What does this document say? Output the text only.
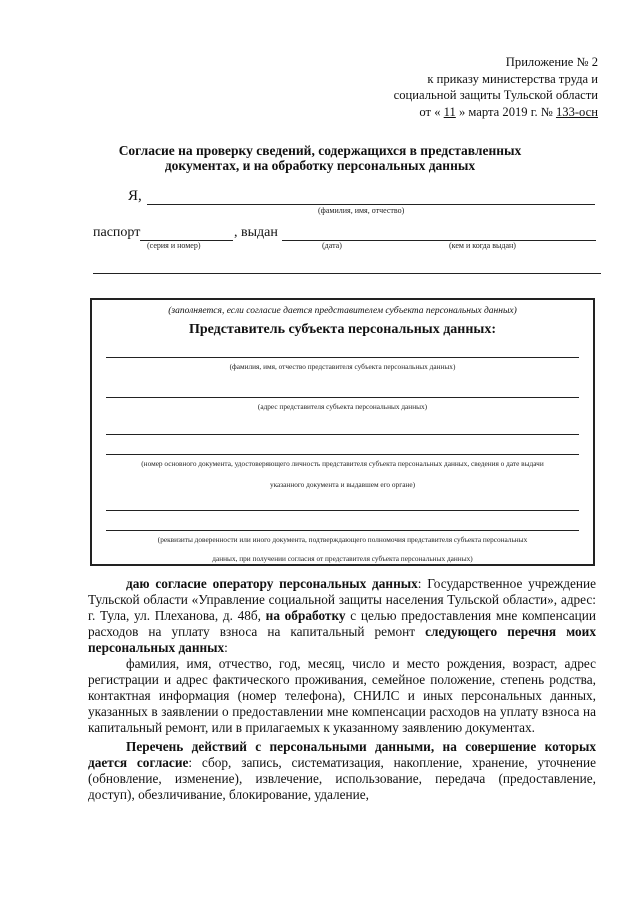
Приложение № 2
к приказу министерства труда и
социальной защиты Тульской области
от « 11 » марта 2019 г. № 133-осн
Согласие на проверку сведений, содержащихся в представленных
документах, и на обработку персональных данных
Я,
(фамилия, имя, отчество)
паспорт	, выдан
(серия и номер)	(дата)	(кем и когда выдан)
(заполняется, если согласие дается представителем субъекта персональных данных)
Представитель субъекта персональных данных:
(фамилия, имя, отчество представителя субъекта персональных данных)
(адрес представителя субъекта персональных данных)
(номер основного документа, удостоверяющего личность представителя субъекта персональных данных, сведения о дате выдачи
указанного документа и выдавшем его органе)
(реквизиты доверенности или иного документа, подтверждающего полномочия представителя субъекта персональных
данных, при получении согласия от представителя субъекта персональных данных)

даю согласие оператору персональных данных: Государственное учреждение Тульской области «Управление социальной защиты населения Тульской области», адрес: г. Тула, ул. Плеханова, д. 48б, на обработку с целью предоставления мне компенсации расходов на уплату взноса на капитальный ремонт следующего перечня моих персональных данных:

фамилия, имя, отчество, год, месяц, число и место рождения, возраст, адрес регистрации и адрес фактического проживания, семейное положение, степень родства, контактная информация (номер телефона), СНИЛС и иных персональных данных, указанных в заявлении о предоставлении мне компенсации расходов на уплату взноса на капитальный ремонт, или в прилагаемых к указанному заявлению документах.

Перечень действий с персональными данными, на совершение которых дается согласие: сбор, запись, систематизация, накопление, хранение, уточнение (обновление, изменение), извлечение, использование, передача (предоставление, доступ), обезличивание, блокирование, удаление,
